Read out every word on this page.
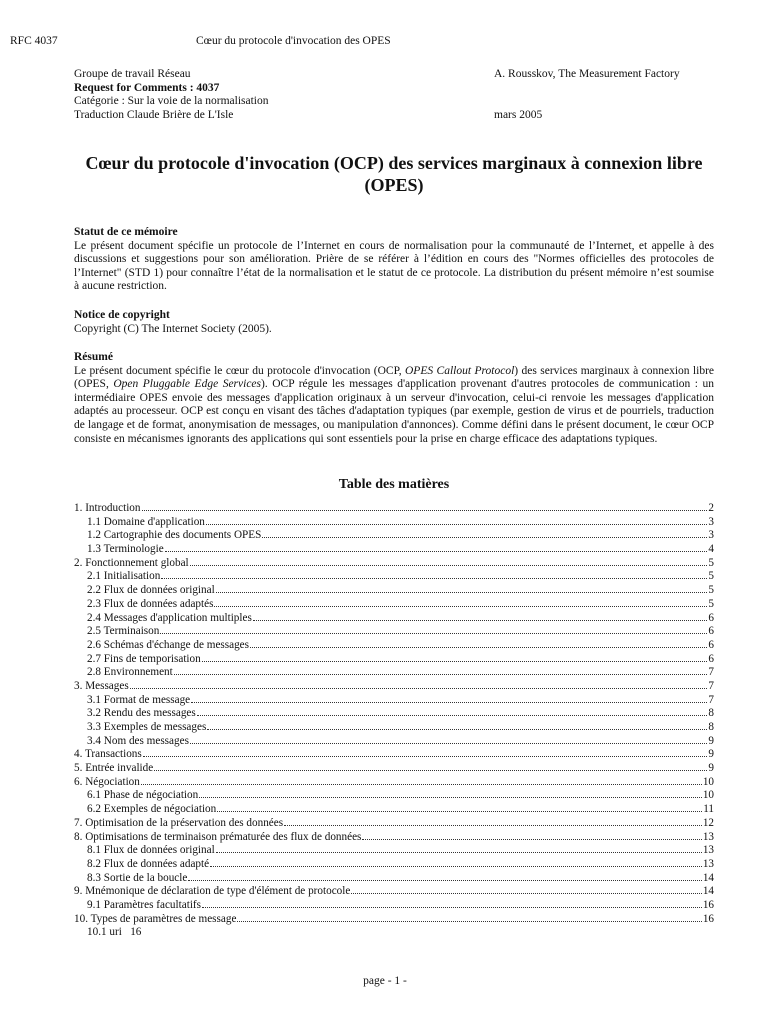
RFC 4037	Cœur du protocole d'invocation des OPES
Groupe de travail Réseau	A. Rousskov, The Measurement Factory
Request for Comments : 4037
Catégorie : Sur la voie de la normalisation
Traduction Claude Brière de L'Isle	mars 2005
Cœur du protocole d'invocation (OCP) des services marginaux à connexion libre (OPES)
Statut de ce mémoire

Le présent document spécifie un protocole de l’Internet en cours de normalisation pour la communauté de l’Internet, et appelle à des discussions et suggestions pour son amélioration. Prière de se référer à l’édition en cours des "Normes officielles des protocoles de l’Internet" (STD 1) pour connaître l’état de la normalisation et le statut de ce protocole. La distribution du présent mémoire n’est soumise à aucune restriction.

Notice de copyright

Copyright (C) The Internet Society (2005).

Résumé

Le présent document spécifie le cœur du protocole d'invocation (OCP, OPES Callout Protocol) des services marginaux à connexion libre (OPES, Open Pluggable Edge Services). OCP régule les messages d'application provenant d'autres protocoles de communication : un intermédiaire OPES envoie des messages d'application originaux à un serveur d'invocation, celui-ci renvoie les messages d'application adaptés au processeur. OCP est conçu en visant des tâches d'adaptation typiques (par exemple, gestion de virus et de pourriels, traduction de langage et de format, anonymisation de messages, ou manipulation d'annonces). Comme défini dans le présent document, le cœur OCP consiste en mécanismes ignorants des applications qui sont essentiels pour la prise en charge efficace des adaptations typiques.

Table des matières
1. Introduction	2
1.1 Domaine d'application	3
1.2 Cartographie des documents OPES	3
1.3 Terminologie	4
2. Fonctionnement global	5
2.1 Initialisation	5
2.2 Flux de données original	5
2.3 Flux de données adaptés	5
2.4 Messages d'application multiples	6
2.5 Terminaison	6
2.6 Schémas d'échange de messages	6
2.7 Fins de temporisation	6
2.8 Environnement	7
3. Messages	7
3.1 Format de message	7
3.2 Rendu des messages	8
3.3 Exemples de messages	8
3.4 Nom des messages	9
4. Transactions	9
5. Entrée invalide	9
6. Négociation	10
6.1 Phase de négociation	10
6.2 Exemples de négociation	11
7. Optimisation de la préservation des données	12
8. Optimisations de terminaison prématurée des flux de données	13
8.1 Flux de données original	13
8.2 Flux de données adapté	13
8.3 Sortie de la boucle	14
9. Mnémonique de déclaration de type d'élément de protocole	14
9.1 Paramètres facultatifs	16
10. Types de paramètres de message	16
10.1 uri   16
page - 1 -
